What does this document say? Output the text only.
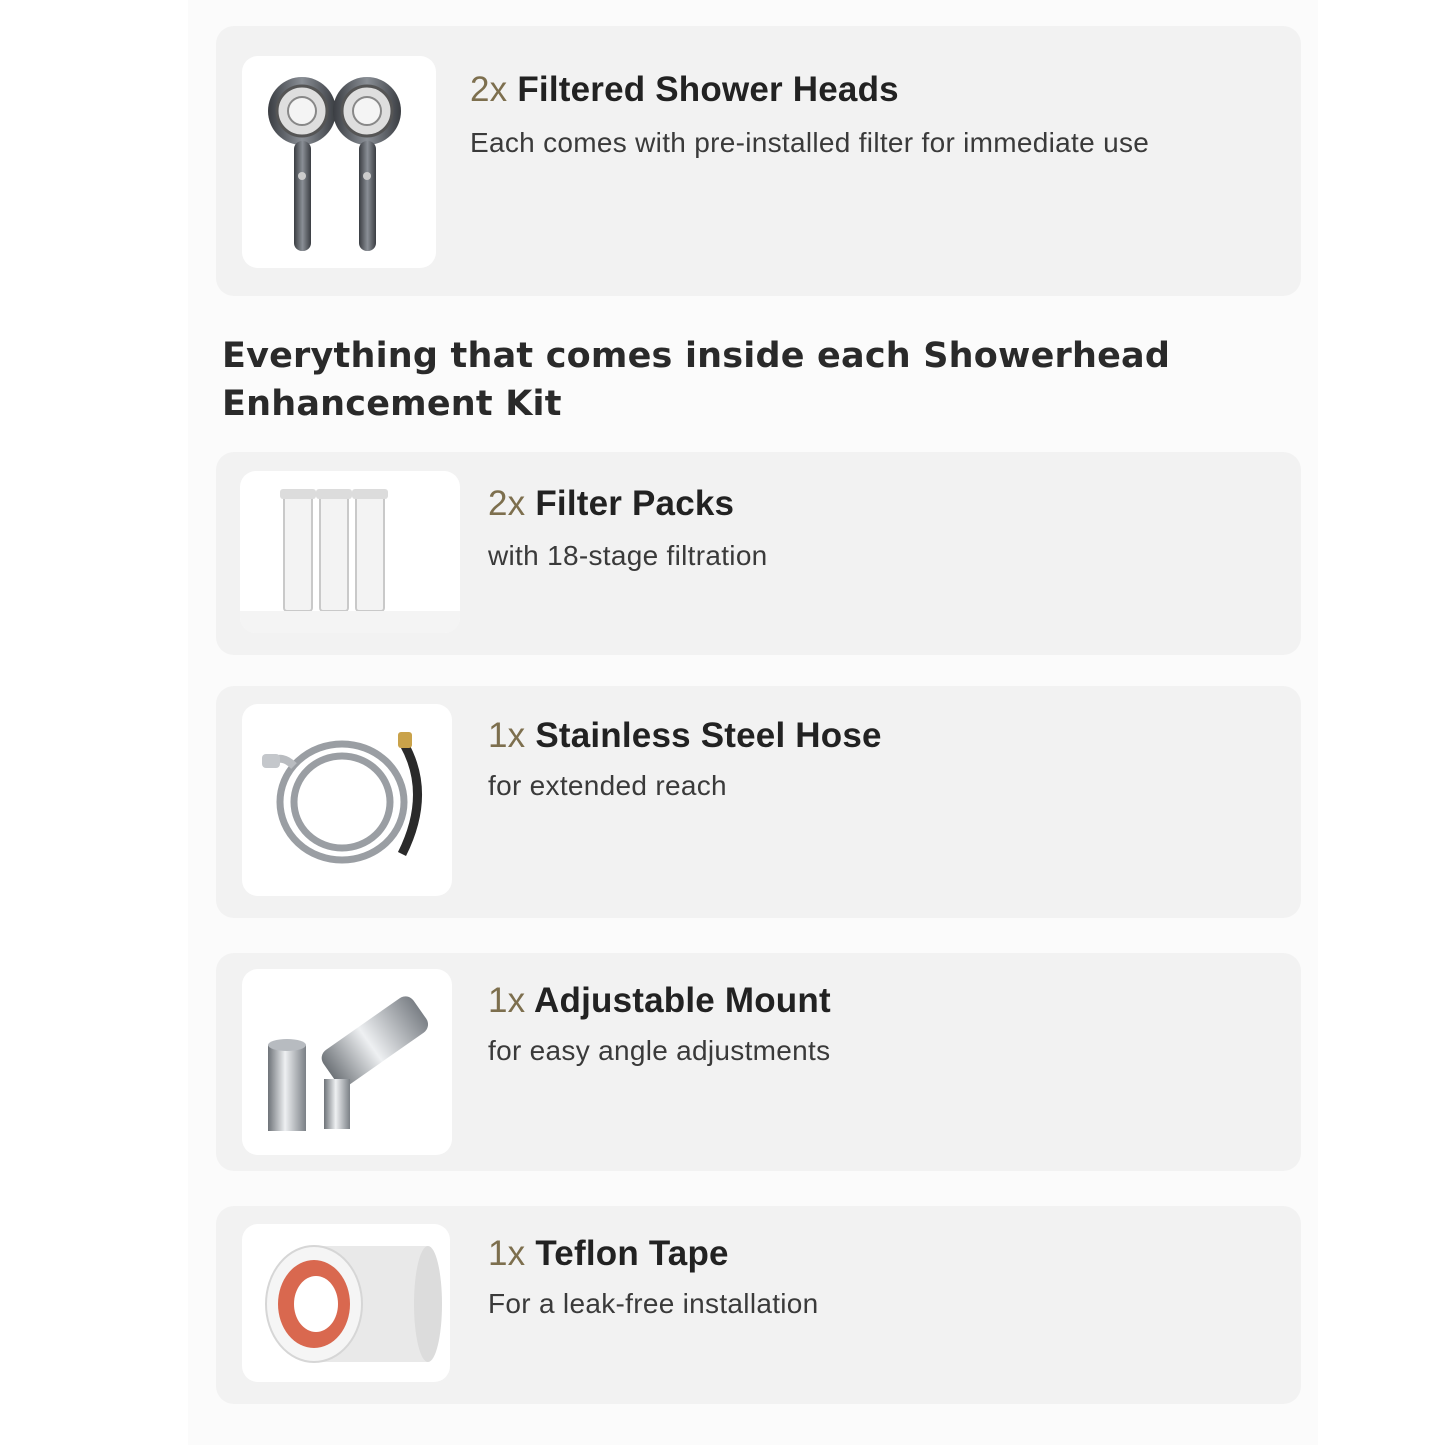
2x Filtered Shower Heads
Each comes with pre-installed filter for immediate use
Everything that comes inside each Showerhead Enhancement Kit
2x Filter Packs
with 18-stage filtration
1x Stainless Steel Hose
for extended reach
1x Adjustable Mount
for easy angle adjustments
1x Teflon Tape
For a leak-free installation
